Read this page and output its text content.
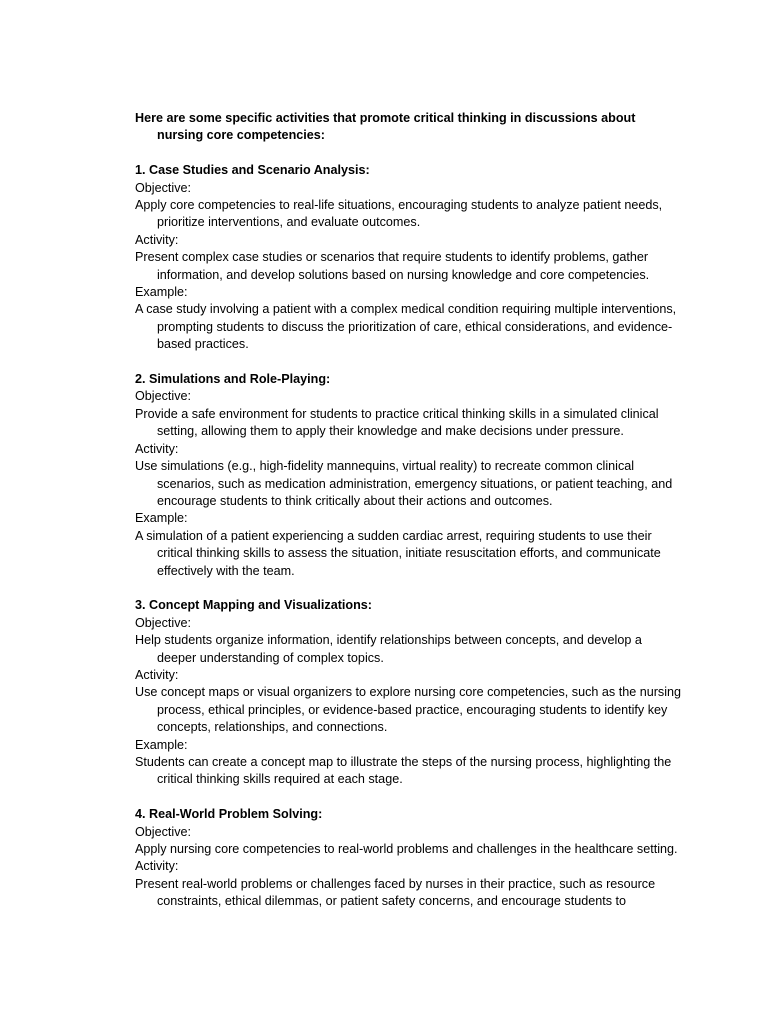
Here are some specific activities that promote critical thinking in discussions about nursing core competencies:

1. Case Studies and Scenario Analysis:

Objective:

Apply core competencies to real-life situations, encouraging students to analyze patient needs, prioritize interventions, and evaluate outcomes.

Activity:

Present complex case studies or scenarios that require students to identify problems, gather information, and develop solutions based on nursing knowledge and core competencies.

Example:

A case study involving a patient with a complex medical condition requiring multiple interventions, prompting students to discuss the prioritization of care, ethical considerations, and evidence-based practices.

2. Simulations and Role-Playing:

Objective:

Provide a safe environment for students to practice critical thinking skills in a simulated clinical setting, allowing them to apply their knowledge and make decisions under pressure.

Activity:

Use simulations (e.g., high-fidelity mannequins, virtual reality) to recreate common clinical scenarios, such as medication administration, emergency situations, or patient teaching, and encourage students to think critically about their actions and outcomes.

Example:

A simulation of a patient experiencing a sudden cardiac arrest, requiring students to use their critical thinking skills to assess the situation, initiate resuscitation efforts, and communicate effectively with the team.

3. Concept Mapping and Visualizations:

Objective:

Help students organize information, identify relationships between concepts, and develop a deeper understanding of complex topics.

Activity:

Use concept maps or visual organizers to explore nursing core competencies, such as the nursing process, ethical principles, or evidence-based practice, encouraging students to identify key concepts, relationships, and connections.

Example:

Students can create a concept map to illustrate the steps of the nursing process, highlighting the critical thinking skills required at each stage.

4. Real-World Problem Solving:

Objective:

Apply nursing core competencies to real-world problems and challenges in the healthcare setting.

Activity:

Present real-world problems or challenges faced by nurses in their practice, such as resource constraints, ethical dilemmas, or patient safety concerns, and encourage students to
